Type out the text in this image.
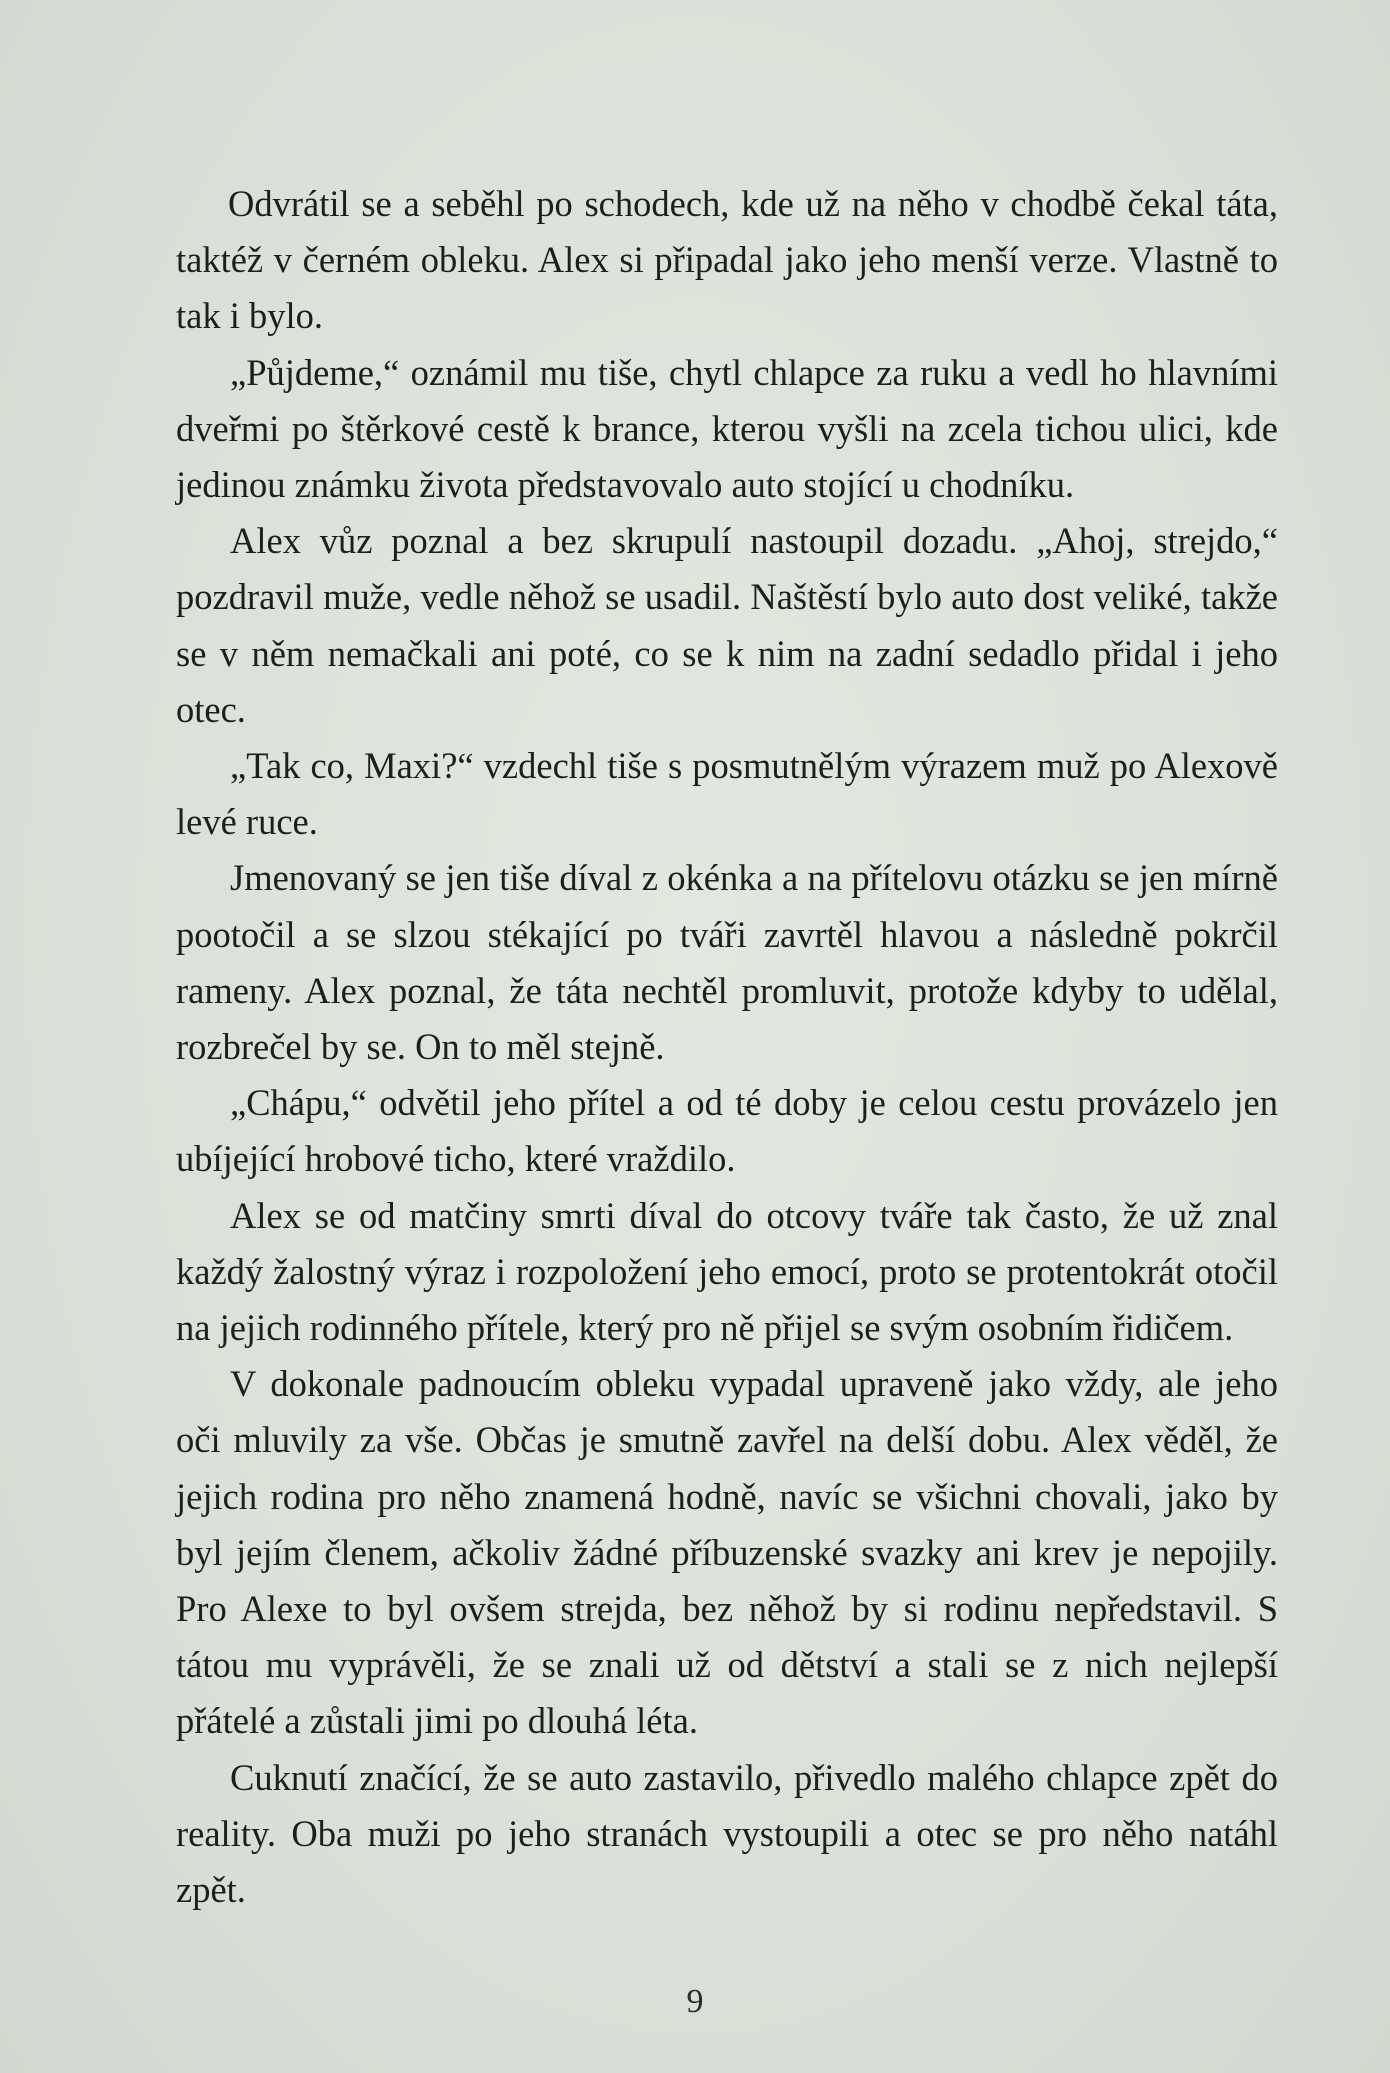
Odvrátil se a seběhl po schodech, kde už na něho v chodbě čekal táta, taktéž v černém obleku. Alex si připadal jako jeho menší verze. Vlastně to tak i bylo.

„Půjdeme,“ oznámil mu tiše, chytl chlapce za ruku a vedl ho hlavními dveřmi po štěrkové cestě k brance, kterou vyšli na zcela tichou ulici, kde jedinou známku života představovalo auto stojící u chodníku.

Alex vůz poznal a bez skrupulí nastoupil dozadu. „Ahoj, strejdo,“ pozdravil muže, vedle něhož se usadil. Naštěstí bylo auto dost veliké, takže se v něm nemačkali ani poté, co se k nim na zadní sedadlo přidal i jeho otec.

„Tak co, Maxi?“ vzdechl tiše s posmutnělým výrazem muž po Alexově levé ruce.

Jmenovaný se jen tiše díval z okénka a na přítelovu otázku se jen mírně pootočil a se slzou stékající po tváři zavrtěl hlavou a následně pokrčil rameny. Alex poznal, že táta nechtěl promluvit, protože kdyby to udělal, rozbrečel by se. On to měl stejně.

„Chápu,“ odvětil jeho přítel a od té doby je celou cestu provázelo jen ubíjející hrobové ticho, které vraždilo.

Alex se od matčiny smrti díval do otcovy tváře tak často, že už znal každý žalostný výraz i rozpoložení jeho emocí, proto se protentokrát otočil na jejich rodinného přítele, který pro ně přijel se svým osobním řidičem.

V dokonale padnoucím obleku vypadal upraveně jako vždy, ale jeho oči mluvily za vše. Občas je smutně zavřel na delší dobu. Alex věděl, že jejich rodina pro něho znamená hodně, navíc se všichni chovali, jako by byl jejím členem, ačkoliv žádné příbuzenské svazky ani krev je nepojily. Pro Alexe to byl ovšem strejda, bez něhož by si rodinu nepředstavil. S tátou mu vyprávěli, že se znali už od dětství a stali se z nich nejlepší přátelé a zůstali jimi po dlouhá léta.

Cuknutí značící, že se auto zastavilo, přivedlo malého chlapce zpět do reality. Oba muži po jeho stranách vystoupili a otec se pro něho natáhl zpět.

9
